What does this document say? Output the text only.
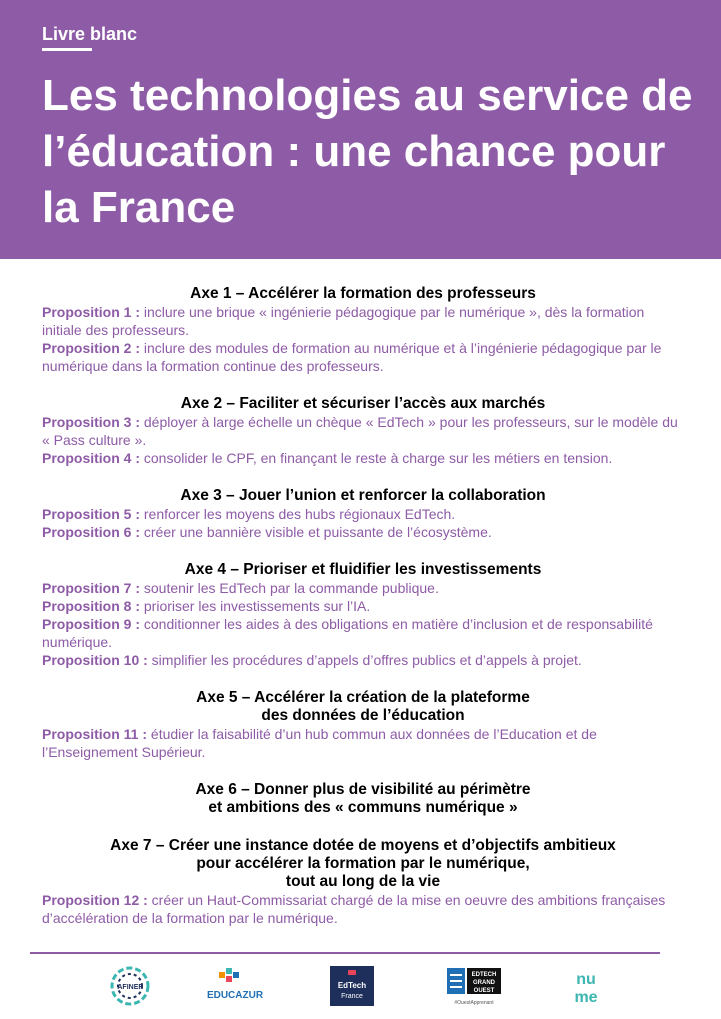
Livre blanc
Les technologies au service de l’éducation : une chance pour la France
Axe 1 – Accélérer la formation des professeurs
Proposition 1 : inclure une brique « ingénierie pédagogique par le numérique », dès la formation initiale des professeurs.
Proposition 2 : inclure des modules de formation au numérique et à l’ingénierie pédagogique par le numérique dans la formation continue des professeurs.
Axe 2 – Faciliter et sécuriser l’accès aux marchés
Proposition 3 : déployer à large échelle un chèque « EdTech » pour les professeurs, sur le modèle du « Pass culture ».
Proposition 4 : consolider le CPF, en finançant le reste à charge sur les métiers en tension.
Axe 3 – Jouer l’union et renforcer la collaboration
Proposition 5 : renforcer les moyens des hubs régionaux EdTech.
Proposition 6 : créer une bannière visible et puissante de l’écosystème.
Axe 4 – Prioriser et fluidifier les investissements
Proposition 7 : soutenir les EdTech par la commande publique.
Proposition 8 : prioriser les investissements sur l’IA.
Proposition 9 : conditionner les aides à des obligations en matière d’inclusion et de responsabilité numérique.
Proposition 10 : simplifier les procédures d’appels d’offres publics et d’appels à projet.
Axe 5 – Accélérer la création de la plateforme
des données de l’éducation
Proposition 11 : étudier la faisabilité d’un hub commun aux données de l’Education et de l’Enseignement Supérieur.
Axe 6 – Donner plus de visibilité au périmètre
et ambitions des « communs numérique »
Axe 7 – Créer une instance dotée de moyens et d’objectifs ambitieux
pour accélérer la formation par le numérique,
tout au long de la vie
Proposition 12 : créer un Haut-Commissariat chargé de la mise en oeuvre des ambitions françaises d’accélération de la formation par le numérique.
AFINEF
EDUCAZUR
EdTech
France
EDTECH
GRAND
OUEST
#OuestApprenant
nu
me
